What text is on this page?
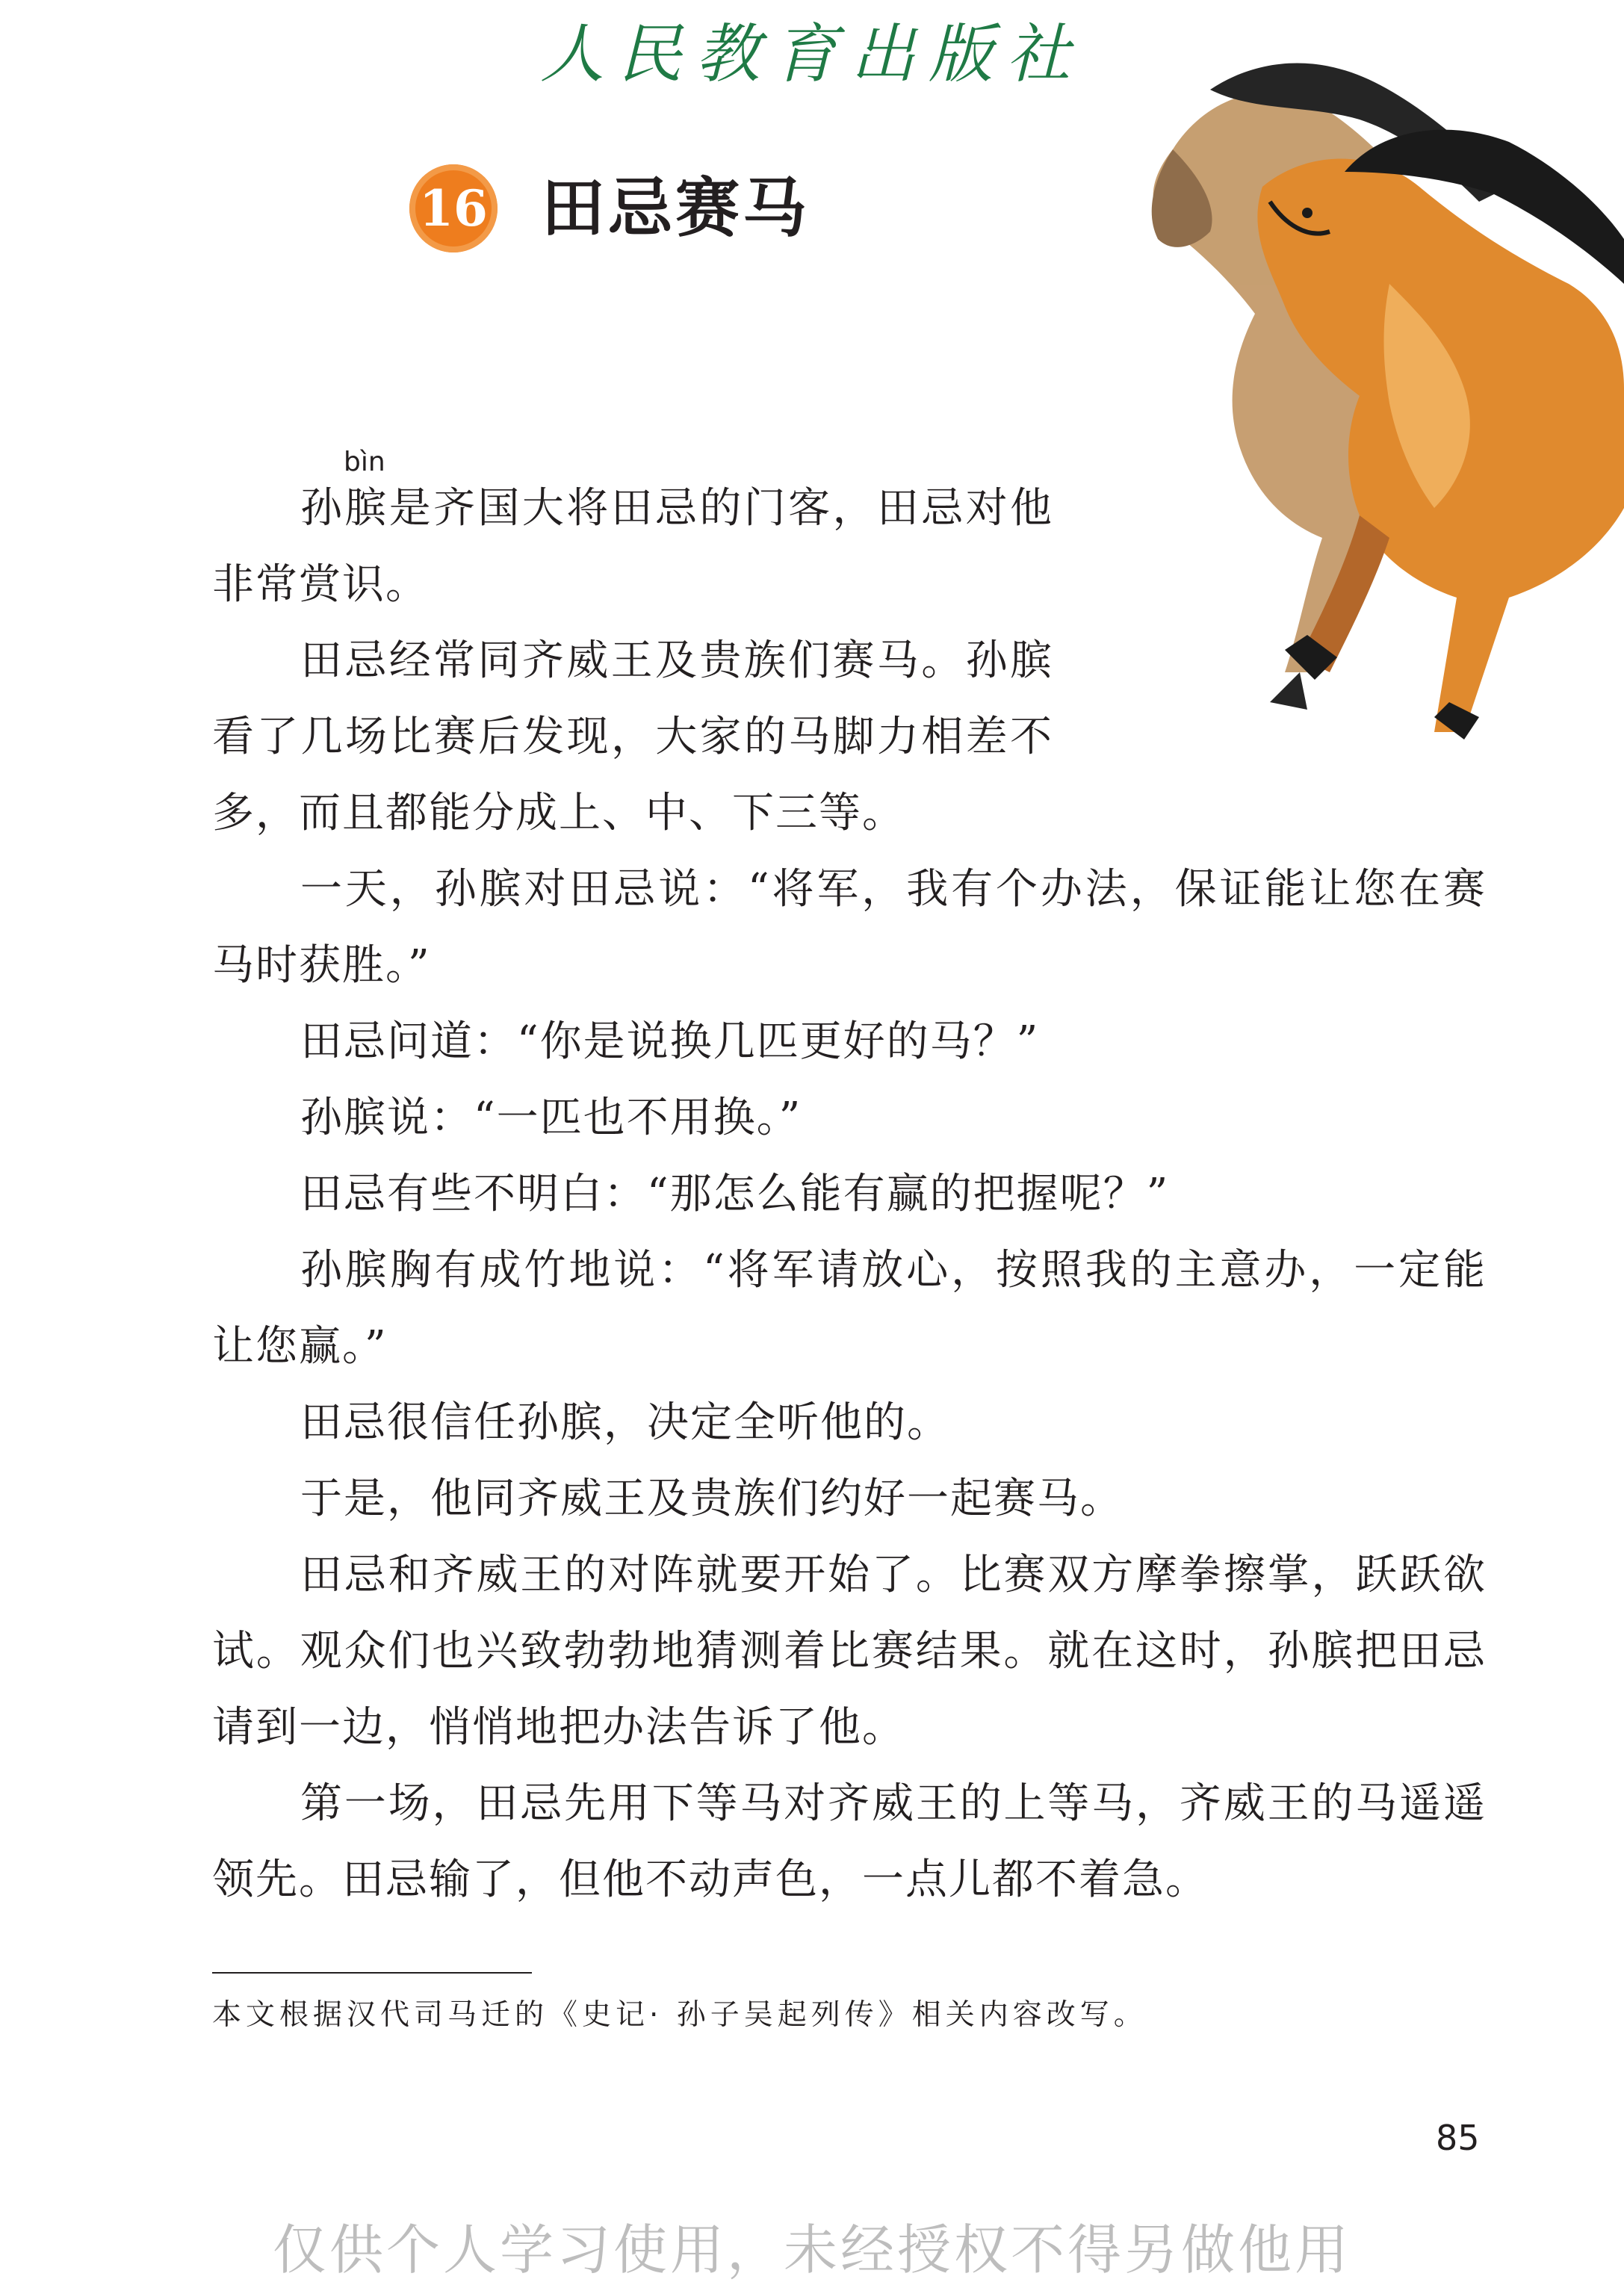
人民教育出版社
16 田忌赛马
bìn

孙膑是齐国大将田忌的门客，田忌对他非常赏识。

田忌经常同齐威王及贵族们赛马。孙膑看了几场比赛后发现，大家的马脚力相差不多，而且都能分成上、中、下三等。

一天，孙膑对田忌说：“将军，我有个办法，保证能让您在赛马时获胜。”

田忌问道：“你是说换几匹更好的马？”

孙膑说：“一匹也不用换。”

田忌有些不明白：“那怎么能有赢的把握呢？”

孙膑胸有成竹地说：“将军请放心，按照我的主意办，一定能让您赢。”

田忌很信任孙膑，决定全听他的。

于是，他同齐威王及贵族们约好一起赛马。

田忌和齐威王的对阵就要开始了。比赛双方摩拳擦掌，跃跃欲试。观众们也兴致勃勃地猜测着比赛结果。就在这时，孙膑把田忌请到一边，悄悄地把办法告诉了他。

第一场，田忌先用下等马对齐威王的上等马，齐威王的马遥遥领先。田忌输了，但他不动声色，一点儿都不着急。

本文根据汉代司马迁的《史记· 孙子吴起列传》相关内容改写。
85
仅供个人学习使用，未经授权不得另做他用
